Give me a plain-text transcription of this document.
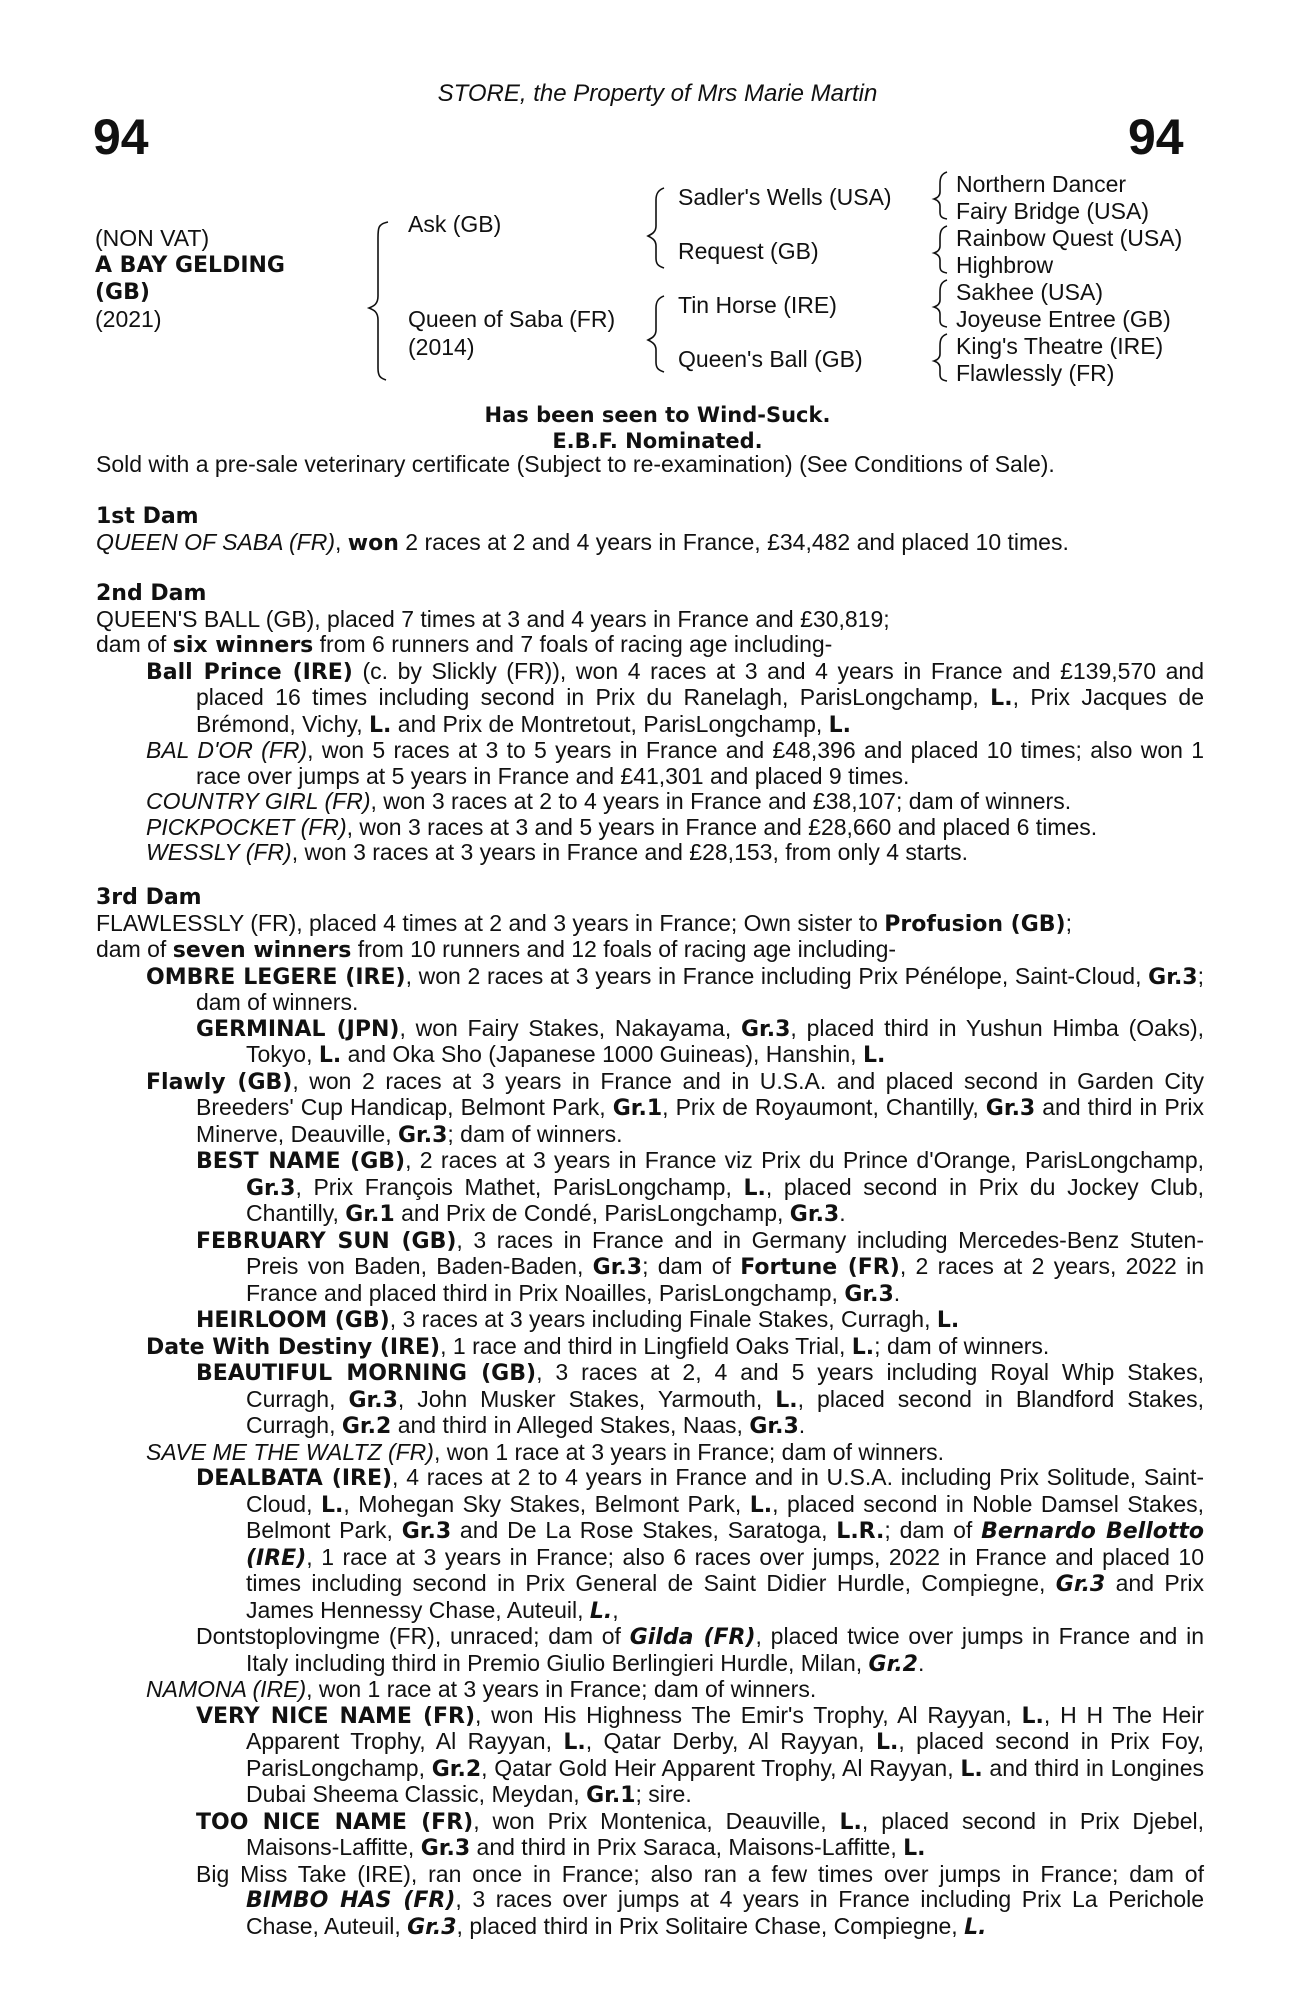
STORE, the Property of Mrs Marie Martin
94	94
(NON VAT)
A BAY GELDING
(GB)
(2021)
Ask (GB)
Queen of Saba (FR)
(2014)
Sadler's Wells (USA)
Request (GB)
Tin Horse (IRE)
Queen's Ball (GB)
Northern Dancer
Fairy Bridge (USA)
Rainbow Quest (USA)
Highbrow
Sakhee (USA)
Joyeuse Entree (GB)
King's Theatre (IRE)
Flawlessly (FR)
Has been seen to Wind-Suck.
E.B.F. Nominated.
Sold with a pre-sale veterinary certificate (Subject to re-examination) (See Conditions of Sale).
1st Dam

QUEEN OF SABA (FR), won 2 races at 2 and 4 years in France, £34,482 and placed 10 times.

2nd Dam

QUEEN'S BALL (GB), placed 7 times at 3 and 4 years in France and £30,819;

dam of six winners from 6 runners and 7 foals of racing age including-

Ball Prince (IRE) (c. by Slickly (FR)), won 4 races at 3 and 4 years in France and £139,570 and placed 16 times including second in Prix du Ranelagh, ParisLongchamp, L., Prix Jacques de Brémond, Vichy, L. and Prix de Montretout, ParisLongchamp, L.

BAL D'OR (FR), won 5 races at 3 to 5 years in France and £48,396 and placed 10 times; also won 1 race over jumps at 5 years in France and £41,301 and placed 9 times.

COUNTRY GIRL (FR), won 3 races at 2 to 4 years in France and £38,107; dam of winners.

PICKPOCKET (FR), won 3 races at 3 and 5 years in France and £28,660 and placed 6 times.

WESSLY (FR), won 3 races at 3 years in France and £28,153, from only 4 starts.

3rd Dam

FLAWLESSLY (FR), placed 4 times at 2 and 3 years in France; Own sister to Profusion (GB);

dam of seven winners from 10 runners and 12 foals of racing age including-

OMBRE LEGERE (IRE), won 2 races at 3 years in France including Prix Pénélope, Saint-Cloud, Gr.3; dam of winners.

GERMINAL (JPN), won Fairy Stakes, Nakayama, Gr.3, placed third in Yushun Himba (Oaks), Tokyo, L. and Oka Sho (Japanese 1000 Guineas), Hanshin, L.

Flawly (GB), won 2 races at 3 years in France and in U.S.A. and placed second in Garden City Breeders' Cup Handicap, Belmont Park, Gr.1, Prix de Royaumont, Chantilly, Gr.3 and third in Prix Minerve, Deauville, Gr.3; dam of winners.

BEST NAME (GB), 2 races at 3 years in France viz Prix du Prince d'Orange, ParisLongchamp, Gr.3, Prix François Mathet, ParisLongchamp, L., placed second in Prix du Jockey Club, Chantilly, Gr.1 and Prix de Condé, ParisLongchamp, Gr.3.

FEBRUARY SUN (GB), 3 races in France and in Germany including Mercedes-Benz Stuten-Preis von Baden, Baden-Baden, Gr.3; dam of Fortune (FR), 2 races at 2 years, 2022 in France and placed third in Prix Noailles, ParisLongchamp, Gr.3.

HEIRLOOM (GB), 3 races at 3 years including Finale Stakes, Curragh, L.

Date With Destiny (IRE), 1 race and third in Lingfield Oaks Trial, L.; dam of winners.

BEAUTIFUL MORNING (GB), 3 races at 2, 4 and 5 years including Royal Whip Stakes, Curragh, Gr.3, John Musker Stakes, Yarmouth, L., placed second in Blandford Stakes, Curragh, Gr.2 and third in Alleged Stakes, Naas, Gr.3.

SAVE ME THE WALTZ (FR), won 1 race at 3 years in France; dam of winners.

DEALBATA (IRE), 4 races at 2 to 4 years in France and in U.S.A. including Prix Solitude, Saint-Cloud, L., Mohegan Sky Stakes, Belmont Park, L., placed second in Noble Damsel Stakes, Belmont Park, Gr.3 and De La Rose Stakes, Saratoga, L.R.; dam of Bernardo Bellotto (IRE), 1 race at 3 years in France; also 6 races over jumps, 2022 in France and placed 10 times including second in Prix General de Saint Didier Hurdle, Compiegne, Gr.3 and Prix James Hennessy Chase, Auteuil, L.,

Dontstoplovingme (FR), unraced; dam of Gilda (FR), placed twice over jumps in France and in Italy including third in Premio Giulio Berlingieri Hurdle, Milan, Gr.2.

NAMONA (IRE), won 1 race at 3 years in France; dam of winners.

VERY NICE NAME (FR), won His Highness The Emir's Trophy, Al Rayyan, L., H H The Heir Apparent Trophy, Al Rayyan, L., Qatar Derby, Al Rayyan, L., placed second in Prix Foy, ParisLongchamp, Gr.2, Qatar Gold Heir Apparent Trophy, Al Rayyan, L. and third in Longines Dubai Sheema Classic, Meydan, Gr.1; sire.

TOO NICE NAME (FR), won Prix Montenica, Deauville, L., placed second in Prix Djebel, Maisons-Laffitte, Gr.3 and third in Prix Saraca, Maisons-Laffitte, L.

Big Miss Take (IRE), ran once in France; also ran a few times over jumps in France; dam of BIMBO HAS (FR), 3 races over jumps at 4 years in France including Prix La Perichole Chase, Auteuil, Gr.3, placed third in Prix Solitaire Chase, Compiegne, L.
